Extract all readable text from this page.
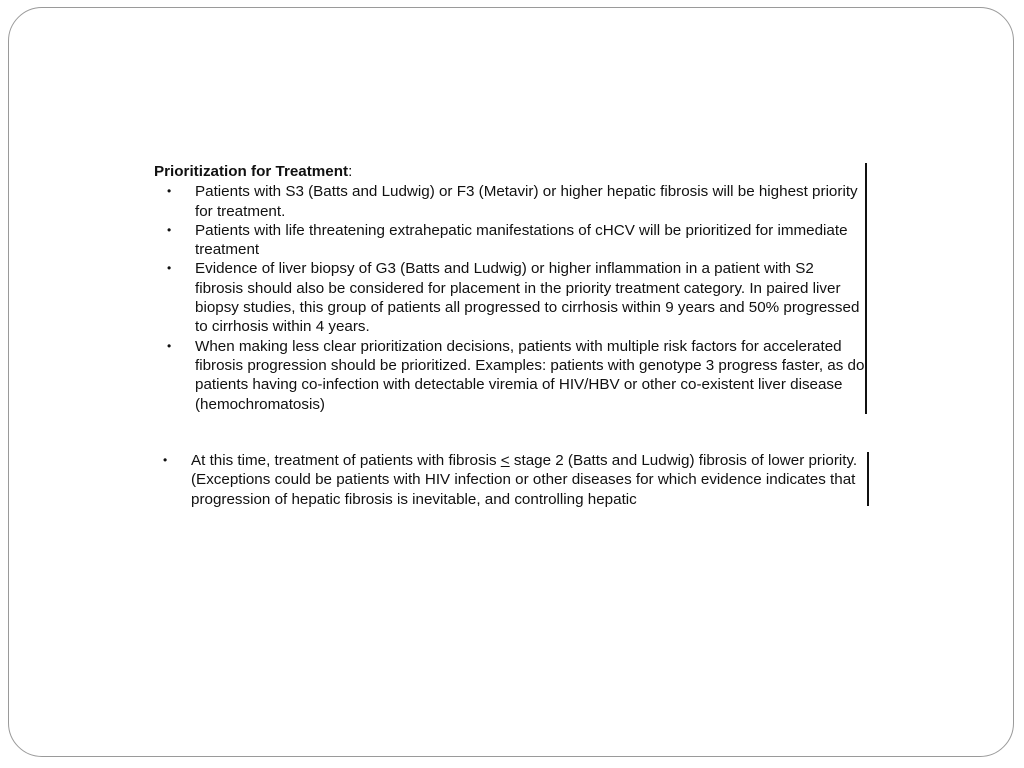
Prioritization for Treatment:
• Patients with S3 (Batts and Ludwig) or F3 (Metavir) or higher hepatic fibrosis will be highest priority for treatment.
• Patients with life threatening extrahepatic manifestations of cHCV will be prioritized for immediate treatment
• Evidence of liver biopsy of G3 (Batts and Ludwig) or higher inflammation in a patient with S2 fibrosis should also be considered for placement in the priority treatment category. In paired liver biopsy studies, this group of patients all progressed to cirrhosis within 9 years and 50% progressed to cirrhosis within 4 years.
• When making less clear prioritization decisions, patients with multiple risk factors for accelerated fibrosis progression should be prioritized. Examples: patients with genotype 3 progress faster, as do patients having co-infection with detectable viremia of HIV/HBV or other co-existent liver disease (hemochromatosis)
• At this time, treatment of patients with fibrosis < stage 2 (Batts and Ludwig) fibrosis of lower priority. (Exceptions could be patients with HIV infection or other diseases for which evidence indicates that progression of hepatic fibrosis is inevitable, and controlling hepatic
